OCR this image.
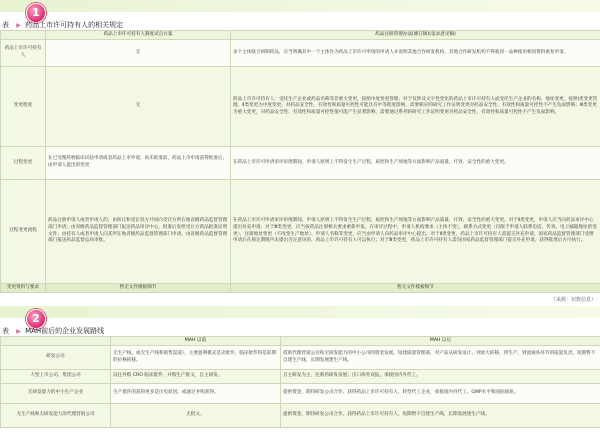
1
表 ▶ 药品上市许可持有人的相关规定
	药品上市许可持有人制度试点方案	药品注册管理办法(修订稿)(征求意见稿)
药品上市许可持有人	无	多个主体联合研制药品，应当明确其中一个主体作为药品上市许可申请的申请人并说明其他合作研发机构，其他合作研发机构不得就同一品种使用相同资料重复申请。
变更程度	无	药品上市许可持有人：受托生产企业或药品名称等非重大变更，按照中度变更管理；对于仅涉及文字性变化的药品上市许可持有人或受托生产企业的名称、地址变更，按照Ⅰ类变更管理。Ⅱ类变更为中度变更，对药品安全性、有效性和质量可控性可能具有中等程度影响，需要相应的研究工作证明变更对药品安全性、有效性和质量可控性不产生负面影响；Ⅲ类变更为重大变更，对药品安全性、有效性和质量可控性很可能产生显著影响，需要通过系列的研究工作证明变更对药品安全性、有效性和质量可控性不产生负面影响。
过程变更	在已受理药物临床试验申请或者药品上市申请，尚未批准前，药品上市申请获得批准后，由申请人提出的变更	在药品上市许可申请审评审批期间，申请人原则上不得发生生产过程、质控和生产场地等方面影响产品质量、疗效、安全性的重大变更。
过程变更流程	药品注册申请人或者申请人的，由转让和受让双方共同向受让方所在地省级药品监督管理部门申请；由省级药品监督管理部门报送药品审评中心，批准后发给受让方药品批准证明文件。由持有人或者申请人向其所在地省级药品监督管理部门申请，由省级药品监督管理部门报送药品监督总局审批。	在药品上市许可申请审评审批期间，申请人原则上不得发生生产过程、质控和生产场地等方面影响产品质量、疗效、安全性的重大变更。对于Ⅱ类变更，申请人应当向药品审评中心提出补充申请；对于Ⅲ类变更，应当按药品注册相关要求重新申报。在审评过程中，申请人机构要求（主体不变），联系方式变更（仅限于申请人联系电话、传真、电子邮箱地址的变更），注册地址变更（不改变生产地址）、申请人名称等变更，应当由申请人向药品审评中心提出。对于Ⅱ类变更，药品上市许可持有人需提交补充申请，国家药品监督管理部门受理申请后在规定期限内未提出否定意见的，药品上市许可持有人可以执行；对于Ⅲ类变更，药品上市许可持有人需向国家药品监督管理部门提交补充申请，获得批准后方可执行。
变更资料与要求	暂无文件模板细节	暂无文件模板细节
（来源：识数信息）
2
表 ▶ MAH前后的企业发展路线
	MAH 以前	MAH 以后
研发公司	无生产线，或无生产线和销售渠道），主要盈利模式是卖批件，临床批件得是前期的价格转移。	借助代理营销公司和无研发能力的中小公司的资金发展。短建质量管理部，对产品从研发设计、到放大转移、到生产、到流通各环节的质量负责。短期暂不自建生产线，长期发展建生产线。
大型上市公司、集团公司	以往外购 CRO 临床批件，并购生产批文，自主研发。	自主研发为主，往新药研发发展；出口海外双报，承接国内外代工。
无研发能力的中小生产企业	生产批件的获得更多是历史原因，或通过并购获得。	提供资金，期待研发公司合作，获得药品上市许可持有人，转型代工企业，承接国内外代工。GMP水平和国际接轨。
无生产线和无研发能力的代理营销公司	无批文。	提供资金，期待研发公司合作，获得药品上市许可持有人，短期暂不自建生产线，长期发展建生产线。
